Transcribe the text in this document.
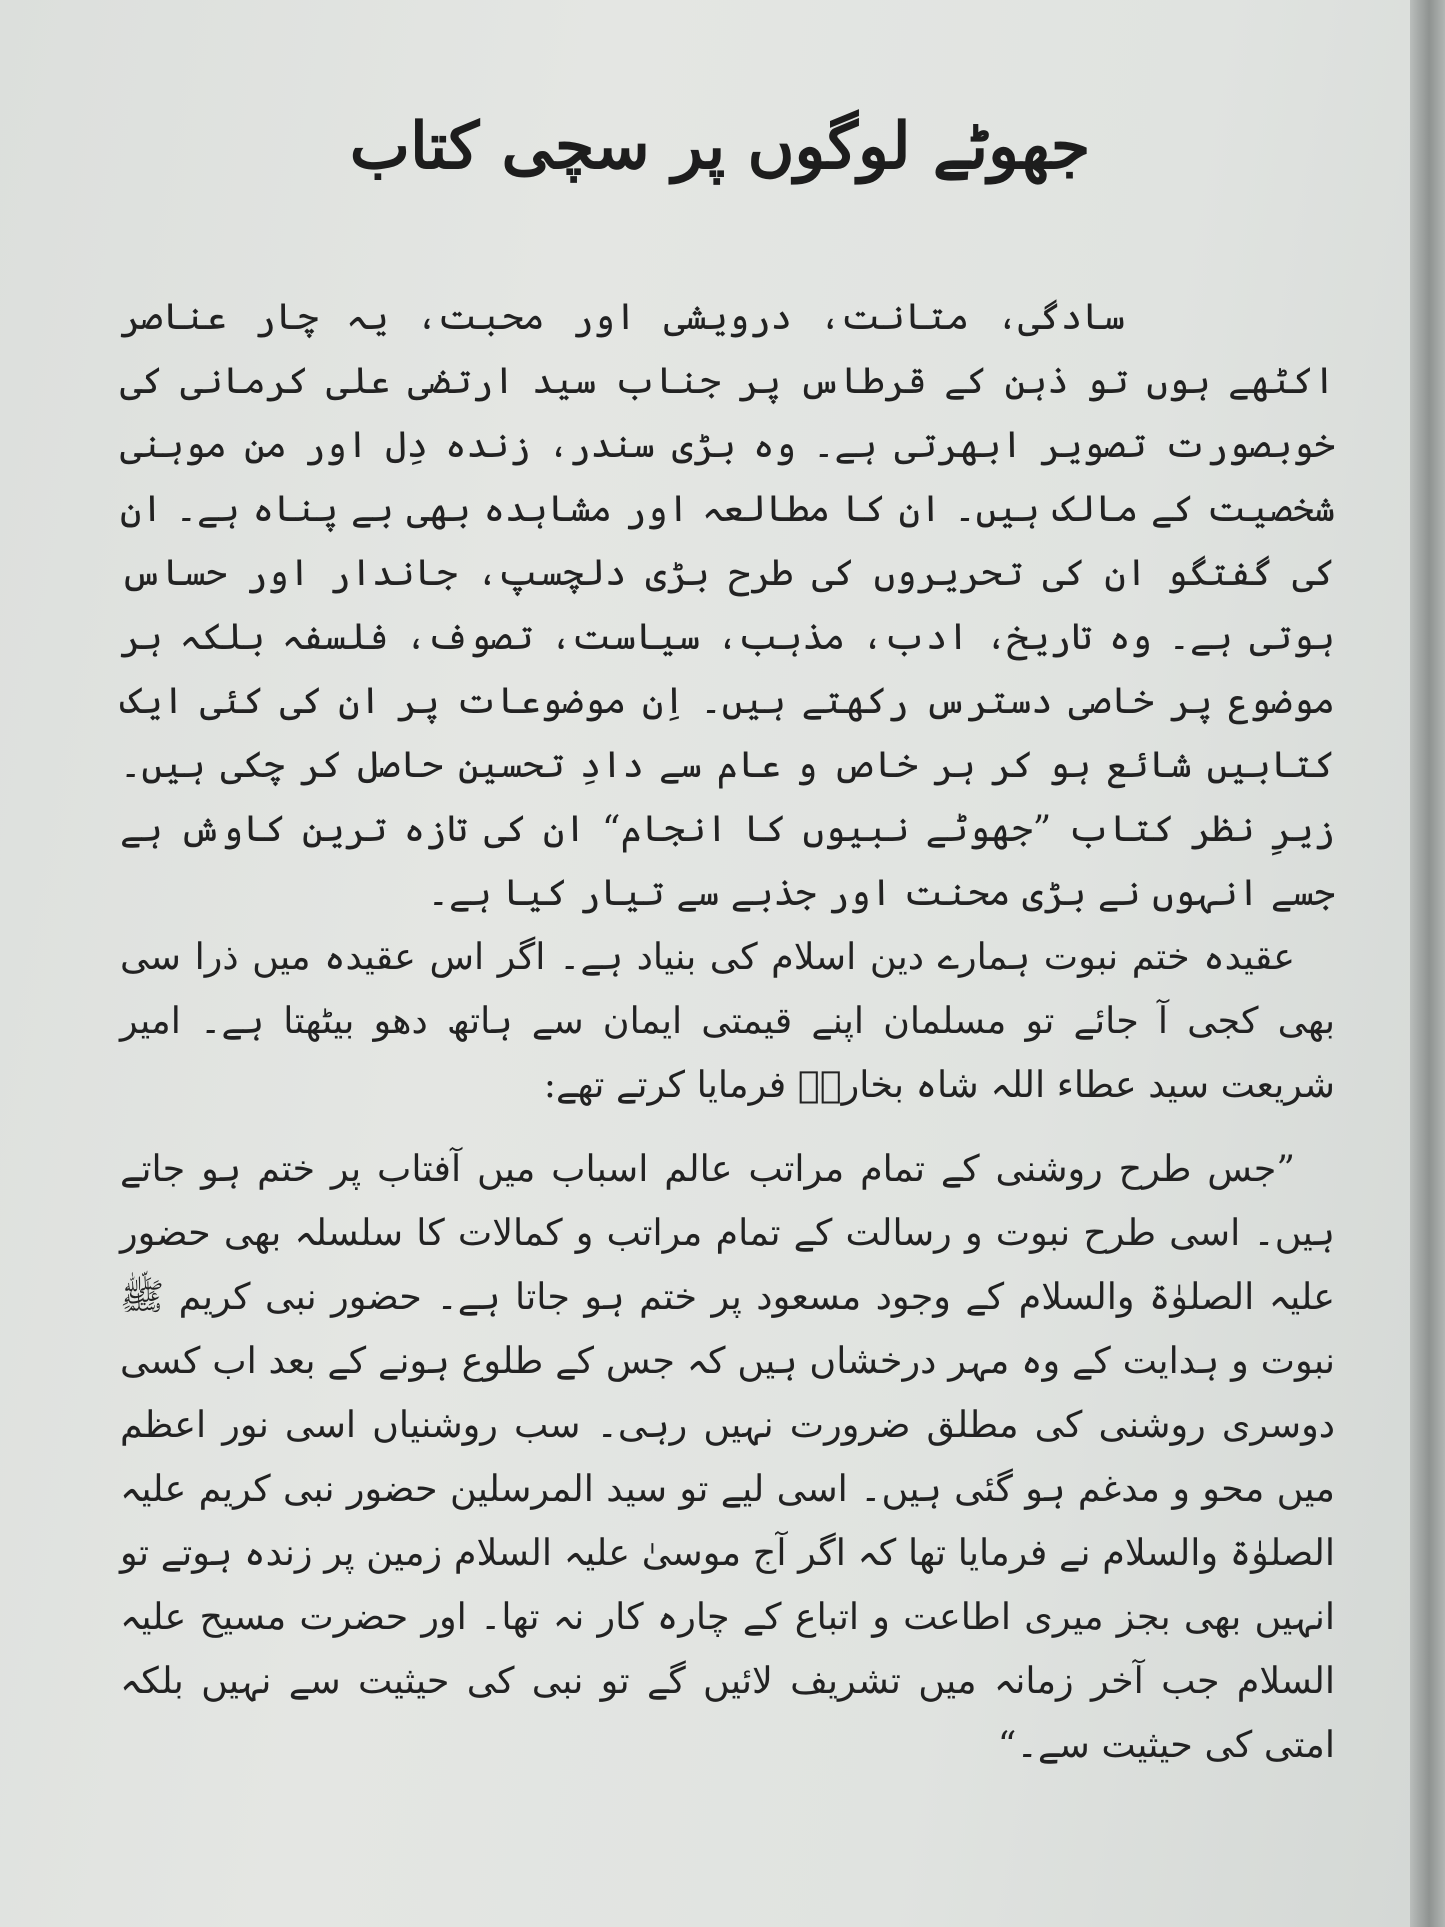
جھوٹے لوگوں پر سچی کتاب

سادگی، متانت، درویشی اور محبت، یہ چار عناصر اکٹھے ہوں تو ذہن کے قرطاس پر جناب سید ارتضٰی علی کرمانی کی خوبصورت تصویر ابھرتی ہے۔ وہ بڑی سندر، زندہ دِل اور من موہنی شخصیت کے مالک ہیں۔ ان کا مطالعہ اور مشاہدہ بھی بے پناہ ہے۔ ان کی گفتگو ان کی تحریروں کی طرح بڑی دلچسپ، جاندار اور حساس ہوتی ہے۔ وہ تاریخ، ادب، مذہب، سیاست، تصوف، فلسفہ بلکہ ہر موضوع پر خاصی دسترس رکھتے ہیں۔ اِن موضوعات پر ان کی کئی ایک کتابیں شائع ہو کر ہر خاص و عام سے دادِ تحسین حاصل کر چکی ہیں۔ زیرِ نظر کتاب ”جھوٹے نبیوں کا انجام“ ان کی تازہ ترین کاوش ہے جسے انہوں نے بڑی محنت اور جذبے سے تیار کیا ہے۔

عقیدہ ختم نبوت ہمارے دین اسلام کی بنیاد ہے۔ اگر اس عقیدہ میں ذرا سی بھی کجی آ جائے تو مسلمان اپنے قیمتی ایمان سے ہاتھ دھو بیٹھتا ہے۔ امیر شریعت سید عطاء اللہ شاہ بخاریؒ فرمایا کرتے تھے:

”جس طرح روشنی کے تمام مراتب عالم اسباب میں آفتاب پر ختم ہو جاتے ہیں۔ اسی طرح نبوت و رسالت کے تمام مراتب و کمالات کا سلسلہ بھی حضور علیہ الصلوٰۃ والسلام کے وجود مسعود پر ختم ہو جاتا ہے۔ حضور نبی کریم ﷺ نبوت و ہدایت کے وہ مہر درخشاں ہیں کہ جس کے طلوع ہونے کے بعد اب کسی دوسری روشنی کی مطلق ضرورت نہیں رہی۔ سب روشنیاں اسی نور اعظم میں محو و مدغم ہو گئی ہیں۔ اسی لیے تو سید المرسلین حضور نبی کریم علیہ الصلوٰۃ والسلام نے فرمایا تھا کہ اگر آج موسیٰ علیہ السلام زمین پر زندہ ہوتے تو انہیں بھی بجز میری اطاعت و اتباع کے چارہ کار نہ تھا۔ اور حضرت مسیح علیہ السلام جب آخر زمانہ میں تشریف لائیں گے تو نبی کی حیثیت سے نہیں بلکہ امتی کی حیثیت سے۔“
